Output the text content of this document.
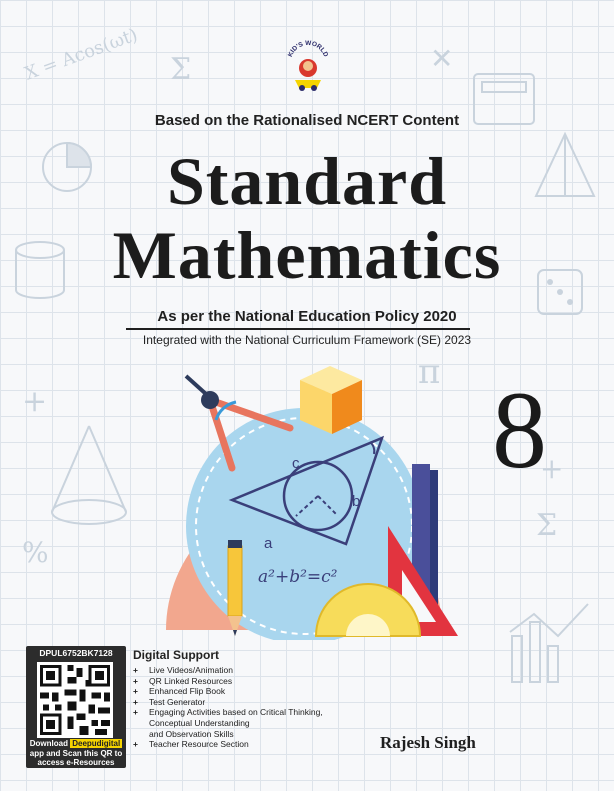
X = Acos(ωt) Σ
Σ
π
%
+
+
✕
KID'S WORLD
Based on the Rationalised NCERT Content
Standard
Mathematics
As per the National Education Policy 2020
Integrated with the National Curriculum Framework (SE) 2023
c
b
a
a²+b²=c²
8
DPUL6752BK7128
Download Deepudigital app and Scan this QR to access e-Resources
Digital Support
+ Live Videos/Animation
+ QR Linked Resources
+ Enhanced Flip Book
+ Test Generator
+ Engaging Activities based on Critical Thinking, Conceptual Understanding
and Observation Skills
+ Teacher Resource Section	Rajesh Singh
